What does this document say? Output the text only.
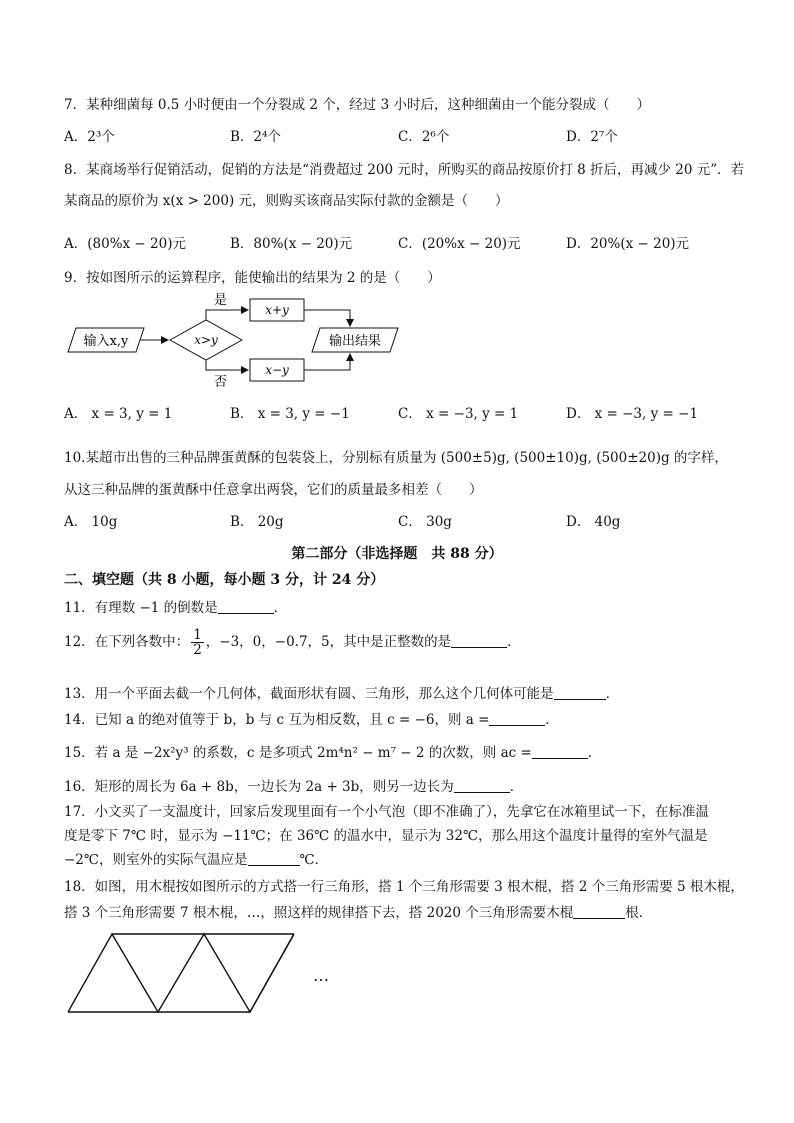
7．某种细菌每 0.5 小时便由一个分裂成 2 个，经过 3 小时后，这种细菌由一个能分裂成（　　）
A．2³个	B．2⁴个	C．2⁶个	D．2⁷个
8．某商场举行促销活动，促销的方法是“消费超过 200 元时，所购买的商品按原价打 8 折后，再减少 20 元”．若
某商品的原价为 x(x > 200) 元，则购买该商品实际付款的金额是（　　）
A．(80%x − 20)元	B．80%(x − 20)元	C．(20%x − 20)元	D．20%(x − 20)元
9．按如图所示的运算程序，能使输出的结果为 2 的是（　　）
输入x,y	x>y
是
x+y
否
x−y
输出结果
A． x = 3, y = 1	B． x = 3, y = −1	C． x = −3, y = 1	D． x = −3, y = −1
10.某超市出售的三种品牌蛋黄酥的包装袋上，分别标有质量为 (500±5)g, (500±10)g, (500±20)g 的字样，
从这三种品牌的蛋黄酥中任意拿出两袋，它们的质量最多相差（　　）
A． 10g	B． 20g	C． 30g	D． 40g
第二部分（非选择题　共 88 分）
二、填空题（共 8 小题，每小题 3 分，计 24 分）
11．有理数 −1 的倒数是	．
12．在下列各数中： $\frac{1}{2}$ ，−3，0，−0.7，5，其中是正整数的是	．
13．用一个平面去截一个几何体，截面形状有圆、三角形，那么这个几何体可能是	．
14．已知 a 的绝对值等于 b，b 与 c 互为相反数，且 c = −6，则 a =	．
15．若 a 是 −2x²y³ 的系数，c 是多项式 2m⁴n² − m⁷ − 2 的次数，则 ac =	．
16．矩形的周长为 6a + 8b，一边长为 2a + 3b，则另一边长为	．
17．小文买了一支温度计，回家后发现里面有一个小气泡（即不准确了），先拿它在冰箱里试一下，在标准温
度是零下 7℃ 时，显示为 −11℃；在 36℃ 的温水中，显示为 32℃，那么用这个温度计量得的室外气温是
−2℃，则室外的实际气温应是	℃．
18．如图，用木棍按如图所示的方式搭一行三角形，搭 1 个三角形需要 3 根木棍，搭 2 个三角形需要 5 根木棍，
搭 3 个三角形需要 7 根木棍，…，照这样的规律搭下去，搭 2020 个三角形需要木棍	根．
…
